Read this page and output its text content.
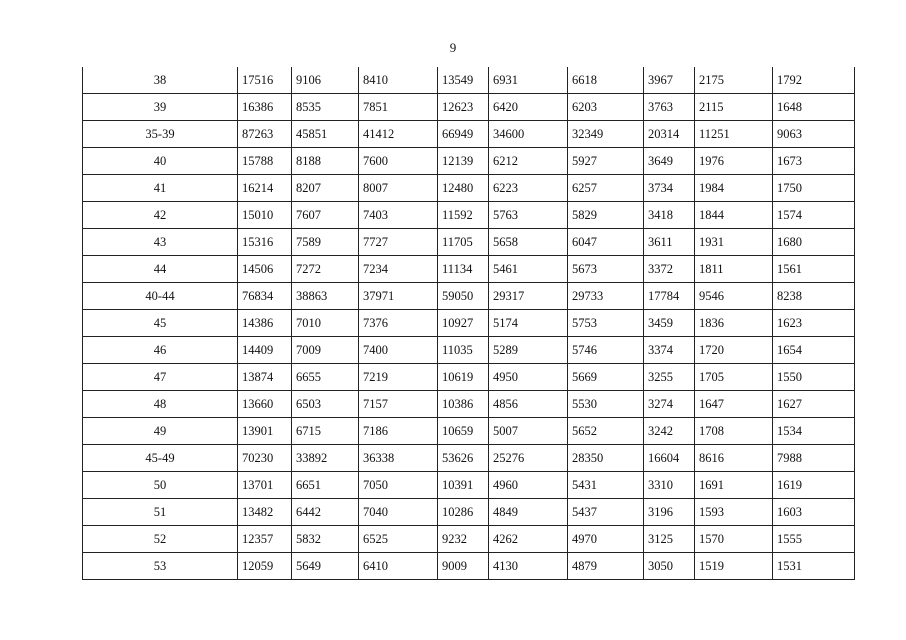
9
38	17516	9106	8410	13549	6931	6618	3967	2175	1792
39	16386	8535	7851	12623	6420	6203	3763	2115	1648
35-39	87263	45851	41412	66949	34600	32349	20314	11251	9063
40	15788	8188	7600	12139	6212	5927	3649	1976	1673
41	16214	8207	8007	12480	6223	6257	3734	1984	1750
42	15010	7607	7403	11592	5763	5829	3418	1844	1574
43	15316	7589	7727	11705	5658	6047	3611	1931	1680
44	14506	7272	7234	11134	5461	5673	3372	1811	1561
40-44	76834	38863	37971	59050	29317	29733	17784	9546	8238
45	14386	7010	7376	10927	5174	5753	3459	1836	1623
46	14409	7009	7400	11035	5289	5746	3374	1720	1654
47	13874	6655	7219	10619	4950	5669	3255	1705	1550
48	13660	6503	7157	10386	4856	5530	3274	1647	1627
49	13901	6715	7186	10659	5007	5652	3242	1708	1534
45-49	70230	33892	36338	53626	25276	28350	16604	8616	7988
50	13701	6651	7050	10391	4960	5431	3310	1691	1619
51	13482	6442	7040	10286	4849	5437	3196	1593	1603
52	12357	5832	6525	9232	4262	4970	3125	1570	1555
53	12059	5649	6410	9009	4130	4879	3050	1519	1531
